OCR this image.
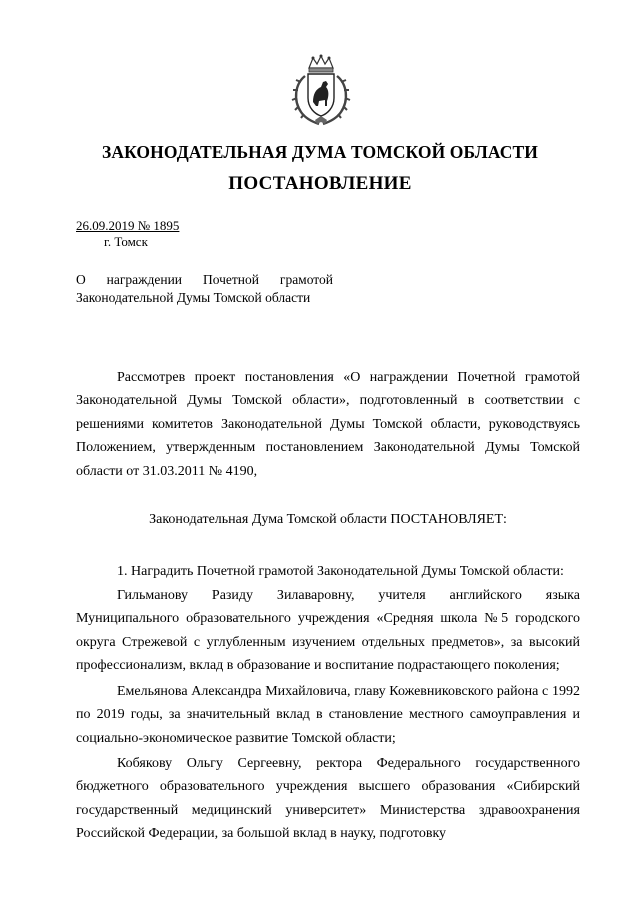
ЗАКОНОДАТЕЛЬНАЯ ДУМА ТОМСКОЙ ОБЛАСТИ
ПОСТАНОВЛЕНИЕ
26.09.2019 № 1895
г. Томск
О награждении Почетной грамотой Законодательной Думы Томской области
Рассмотрев проект постановления «О награждении Почетной грамотой Законодательной Думы Томской области», подготовленный в соответствии с решениями комитетов Законодательной Думы Томской области, руководствуясь Положением, утвержденным постановлением Законодательной Думы Томской области от 31.03.2011 № 4190,
Законодательная Дума Томской области ПОСТАНОВЛЯЕТ:
1. Наградить Почетной грамотой Законодательной Думы Томской области:
Гильманову Разиду Зилаваровну, учителя английского языка Муниципального образовательного учреждения «Средняя школа №5 городского округа Стрежевой с углубленным изучением отдельных предметов», за высокий профессионализм, вклад в образование и воспитание подрастающего поколения;
Емельянова Александра Михайловича, главу Кожевниковского района с 1992 по 2019 годы, за значительный вклад в становление местного самоуправления и социально-экономическое развитие Томской области;
Кобякову Ольгу Сергеевну, ректора Федерального государственного бюджетного образовательного учреждения высшего образования «Сибирский государственный медицинский университет» Министерства здравоохранения Российской Федерации, за большой вклад в науку, подготовку
